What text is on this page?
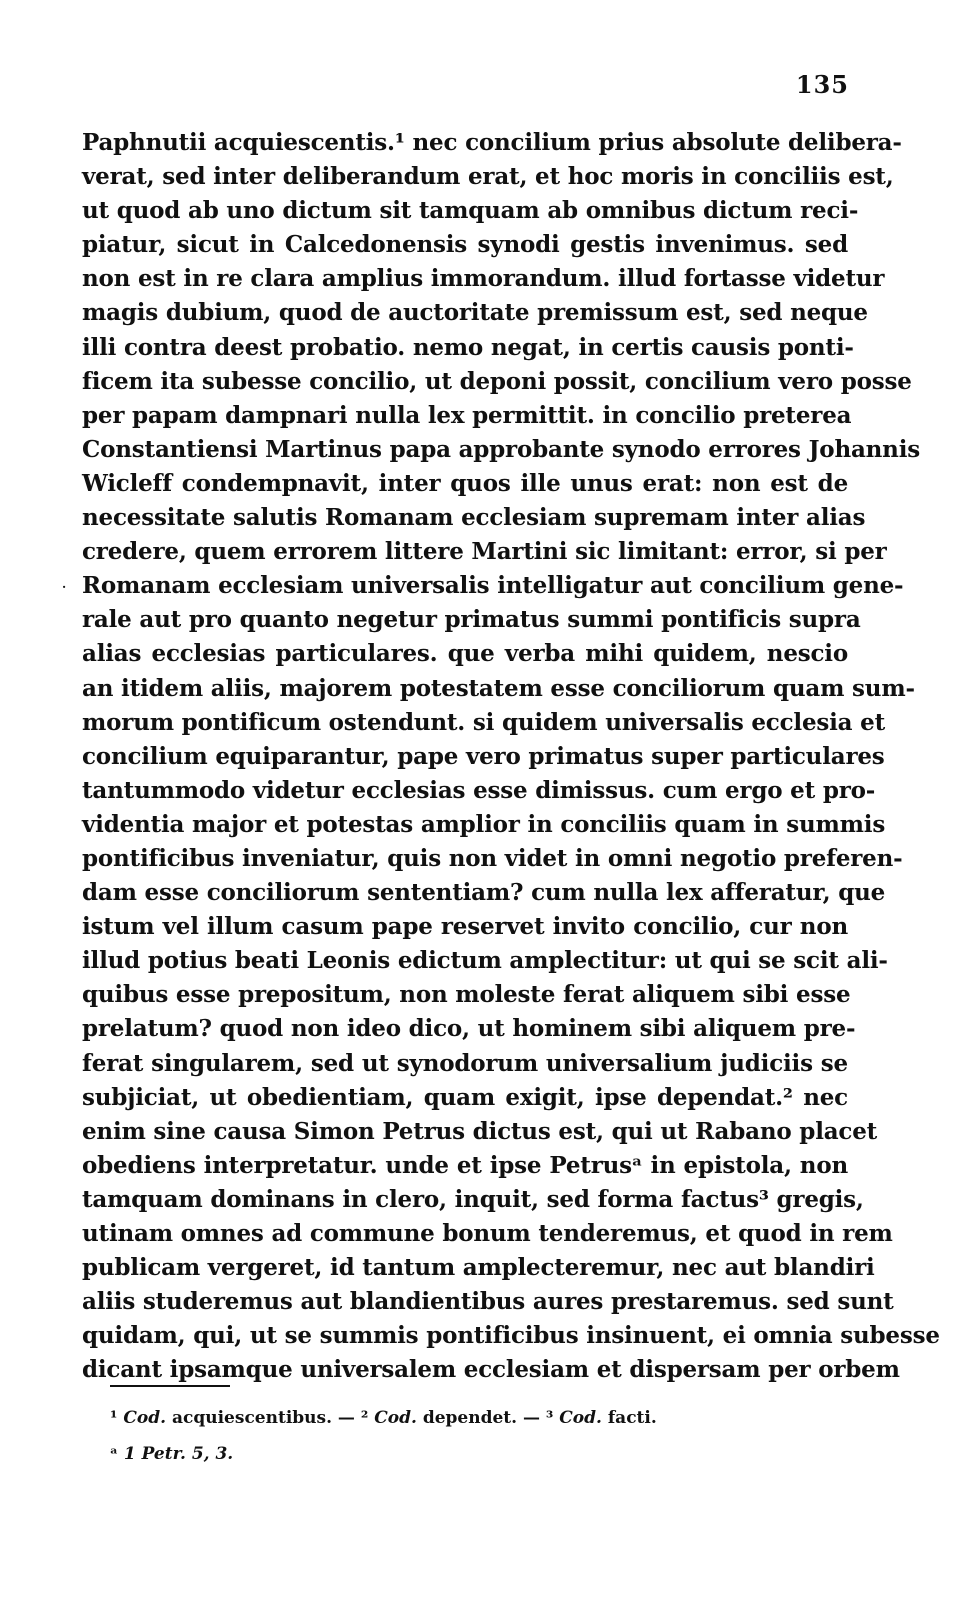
135
·
Paphnutii acquiescentis.¹ nec concilium prius absolute delibera-
verat, sed inter deliberandum erat, et hoc moris in conciliis est,
ut quod ab uno dictum sit tamquam ab omnibus dictum reci-
piatur, sicut in Calcedonensis synodi gestis invenimus. sed
non est in re clara amplius immorandum. illud fortasse videtur
magis dubium, quod de auctoritate premissum est, sed neque
illi contra deest probatio. nemo negat, in certis causis ponti-
ficem ita subesse concilio, ut deponi possit, concilium vero posse
per papam dampnari nulla lex permittit. in concilio preterea
Constantiensi Martinus papa approbante synodo errores Johannis
Wicleff condempnavit, inter quos ille unus erat: non est de
necessitate salutis Romanam ecclesiam supremam inter alias
credere, quem errorem littere Martini sic limitant: error, si per
Romanam ecclesiam universalis intelligatur aut concilium gene-
rale aut pro quanto negetur primatus summi pontificis supra
alias ecclesias particulares. que verba mihi quidem, nescio
an itidem aliis, majorem potestatem esse conciliorum quam sum-
morum pontificum ostendunt. si quidem universalis ecclesia et
concilium equiparantur, pape vero primatus super particulares
tantummodo videtur ecclesias esse dimissus. cum ergo et pro-
videntia major et potestas amplior in conciliis quam in summis
pontificibus inveniatur, quis non videt in omni negotio preferen-
dam esse conciliorum sententiam? cum nulla lex afferatur, que
istum vel illum casum pape reservet invito concilio, cur non
illud potius beati Leonis edictum amplectitur: ut qui se scit ali-
quibus esse prepositum, non moleste ferat aliquem sibi esse
prelatum? quod non ideo dico, ut hominem sibi aliquem pre-
ferat singularem, sed ut synodorum universalium judiciis se
subjiciat, ut obedientiam, quam exigit, ipse dependat.² nec
enim sine causa Simon Petrus dictus est, qui ut Rabano placet
obediens interpretatur. unde et ipse Petrusᵃ in epistola, non
tamquam dominans in clero, inquit, sed forma factus³ gregis,
utinam omnes ad commune bonum tenderemus, et quod in rem
publicam vergeret, id tantum amplecteremur, nec aut blandiri
aliis studeremus aut blandientibus aures prestaremus. sed sunt
quidam, qui, ut se summis pontificibus insinuent, ei omnia subesse
dicant ipsamque universalem ecclesiam et dispersam per orbem
¹ Cod. acquiescentibus. — ² Cod. dependet. — ³ Cod. facti.
ᵃ 1 Petr. 5, 3.
